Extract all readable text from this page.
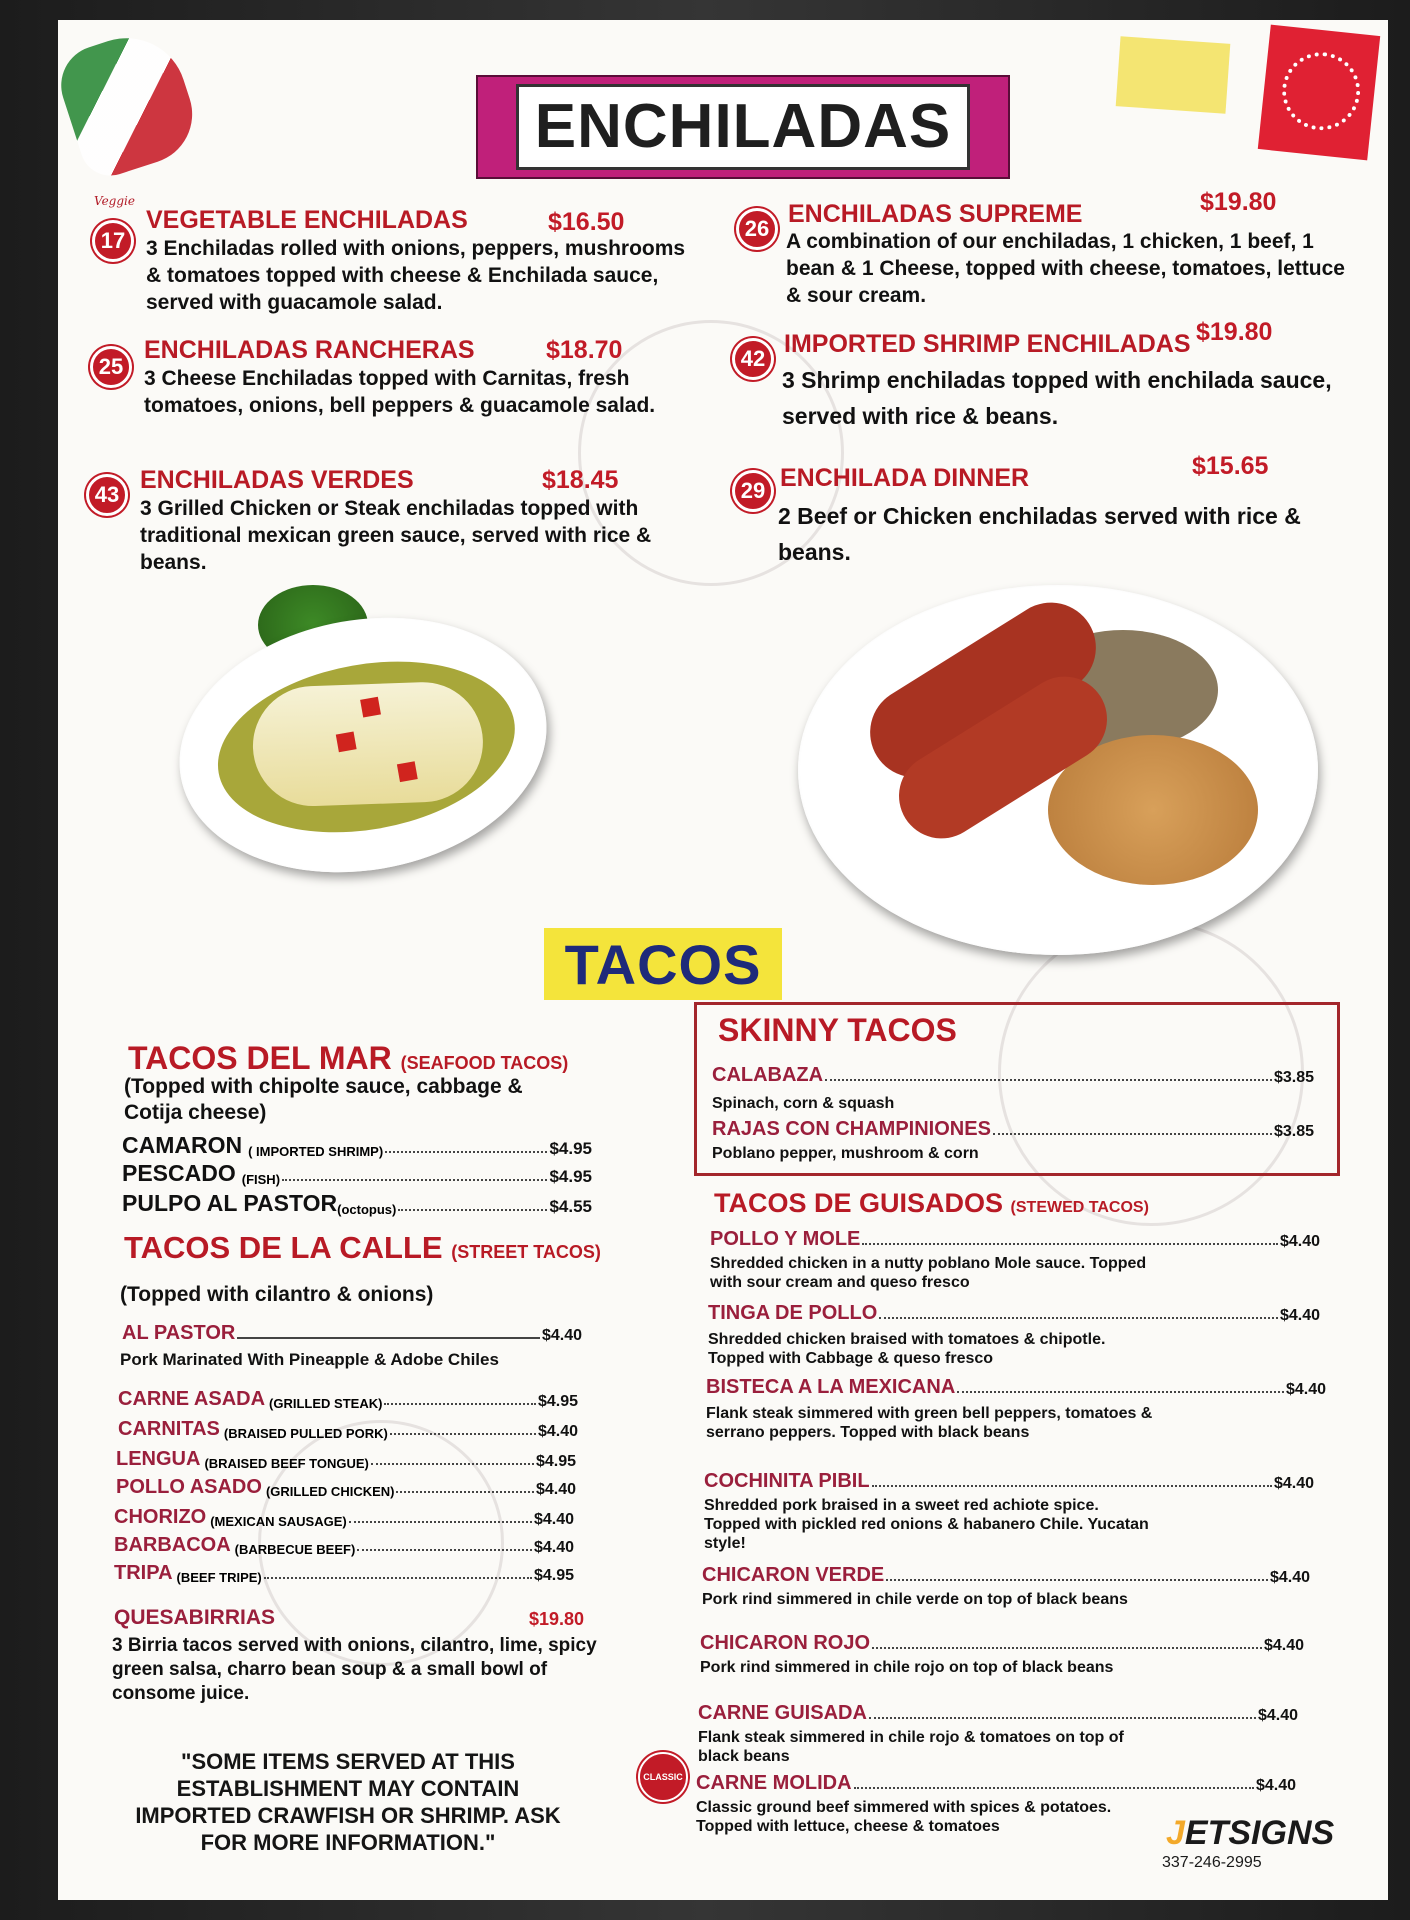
ENCHILADAS
Veggie
17
VEGETABLE ENCHILADAS	$16.50
3 Enchiladas rolled with onions, peppers, mushrooms & tomatoes topped with cheese & Enchilada sauce, served with guacamole salad.
25
ENCHILADAS RANCHERAS	$18.70
3 Cheese Enchiladas topped with Carnitas, fresh tomatoes, onions, bell peppers & guacamole salad.
43
ENCHILADAS VERDES	$18.45
3 Grilled Chicken or Steak enchiladas topped with traditional mexican green sauce, served with rice & beans.
26
ENCHILADAS SUPREME	$19.80
A combination of our enchiladas, 1 chicken, 1 beef, 1 bean & 1 Cheese, topped with cheese, tomatoes, lettuce & sour cream.
42
IMPORTED SHRIMP ENCHILADAS $19.80
3 Shrimp enchiladas topped with enchilada sauce, served with rice & beans.
29 ENCHILADA DINNER	$15.65
2 Beef or Chicken enchiladas served with rice & beans.
TACOS
TACOS DEL MAR (SEAFOOD TACOS)
(Topped with chipolte sauce, cabbage & Cotija cheese)
CAMARON ( IMPORTED SHRIMP)	$4.95
PESCADO (FISH)	$4.95
PULPO AL PASTOR (octopus)	$4.55
TACOS DE LA CALLE (STREET TACOS)
(Topped with cilantro & onions)
AL PASTOR	$4.40
Pork Marinated With Pineapple & Adobe Chiles
CARNE ASADA (GRILLED STEAK)	$4.95
CARNITAS (BRAISED PULLED PORK)	$4.40
LENGUA (BRAISED BEEF TONGUE)	$4.95
POLLO ASADO (GRILLED CHICKEN)	$4.40
CHORIZO (MEXICAN SAUSAGE)	$4.40
BARBACOA (BARBECUE BEEF)	$4.40
TRIPA (BEEF TRIPE)	$4.95
QUESABIRRIAS	$19.80
3 Birria tacos served with onions, cilantro, lime, spicy green salsa, charro bean soup & a small bowl of consome juice.
"SOME ITEMS SERVED AT THIS ESTABLISHMENT MAY CONTAIN IMPORTED CRAWFISH OR SHRIMP. ASK FOR MORE INFORMATION."
SKINNY TACOS
CALABAZA	$3.85
Spinach, corn & squash
RAJAS CON CHAMPINIONES	$3.85
Poblano pepper, mushroom & corn
TACOS DE GUISADOS (STEWED TACOS)
POLLO Y MOLE	$4.40
Shredded chicken in a nutty poblano Mole sauce. Topped with sour cream and queso fresco
TINGA DE POLLO	$4.40
Shredded chicken braised with tomatoes & chipotle. Topped with Cabbage & queso fresco
BISTECA A LA MEXICANA	$4.40
Flank steak simmered with green bell peppers, tomatoes & serrano peppers. Topped with black beans
COCHINITA PIBIL	$4.40
Shredded pork braised in a sweet red achiote spice. Topped with pickled red onions & habanero Chile. Yucatan style!
CHICARON VERDE	$4.40
Pork rind simmered in chile verde on top of black beans
CHICARON ROJO	$4.40
Pork rind simmered in chile rojo on top of black beans
CARNE GUISADA	$4.40
Flank steak simmered in chile rojo & tomatoes on top of black beans
CLASSIC CARNE MOLIDA	$4.40
Classic ground beef simmered with spices & potatoes. Topped with lettuce, cheese & tomatoes	JETSIGNS
337-246-2995
